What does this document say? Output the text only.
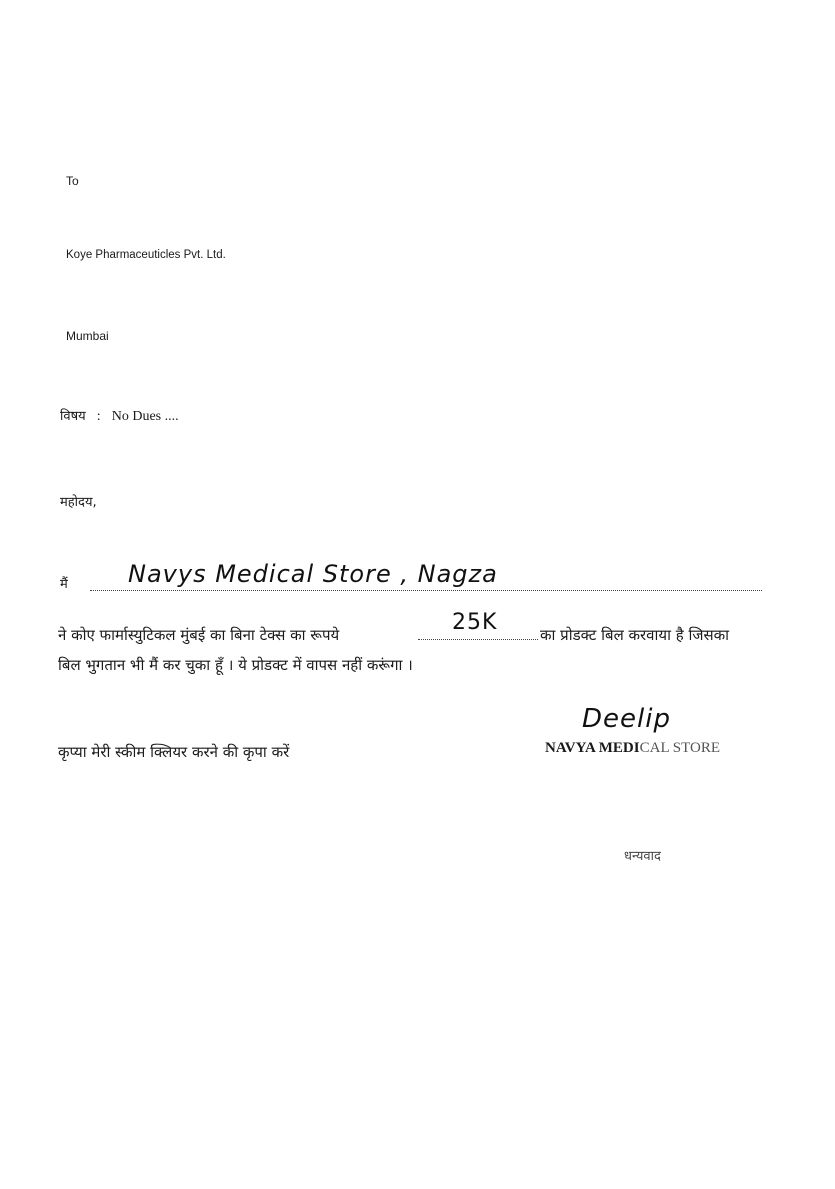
To
Koye Pharmaceuticles Pvt. Ltd.
Mumbai
विषय : No Dues ....
महोदय,
मैं	Navys Medical Store , Nagza
ने कोए फार्मास्युटिकल मुंबई का बिना टेक्स का रूपये	25K	का प्रोडक्ट बिल करवाया है जिसका
बिल भुगतान भी मैं कर चुका हूँ । ये प्रोडक्ट में वापस नहीं करूंगा ।
कृप्या मेरी स्कीम क्लियर करने की कृपा करें
Deelip
NAVYA MEDICAL STORE
धन्यवाद
